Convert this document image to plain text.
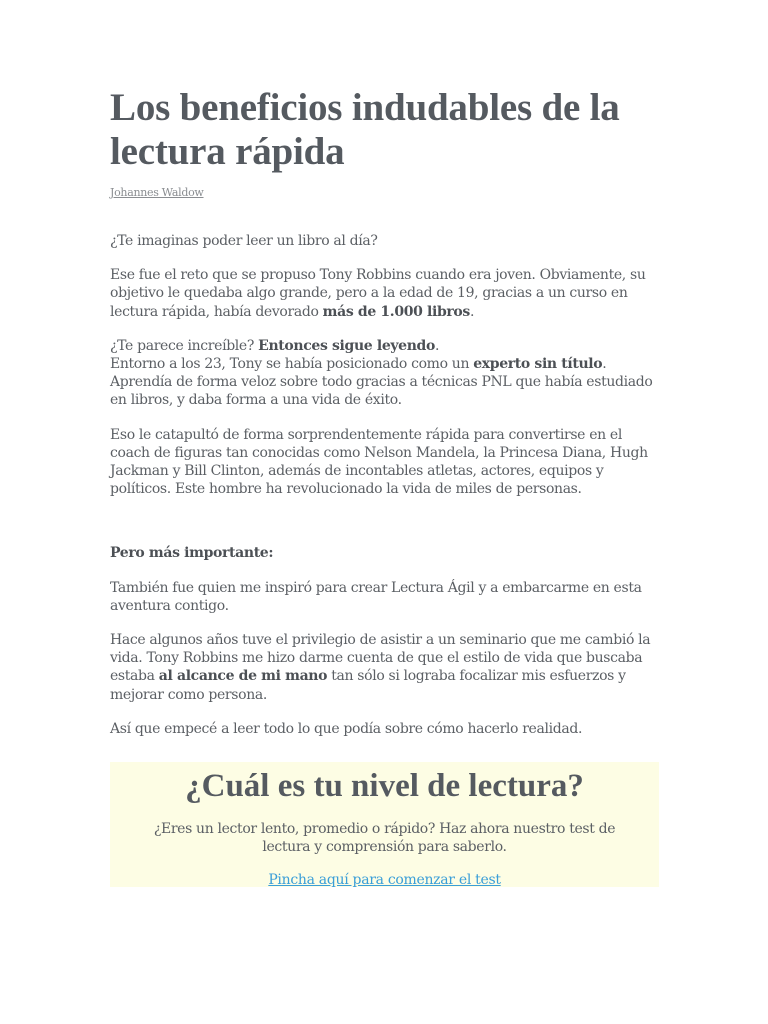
Los beneficios indudables de la lectura rápida
Johannes Waldow

¿Te imaginas poder leer un libro al día?

Ese fue el reto que se propuso Tony Robbins cuando era joven. Obviamente, su objetivo le quedaba algo grande, pero a la edad de 19, gracias a un curso en lectura rápida, había devorado más de 1.000 libros.

¿Te parece increíble? Entonces sigue leyendo.
Entorno a los 23, Tony se había posicionado como un experto sin título. Aprendía de forma veloz sobre todo gracias a técnicas PNL que había estudiado en libros, y daba forma a una vida de éxito.

Eso le catapultó de forma sorprendentemente rápida para convertirse en el coach de figuras tan conocidas como Nelson Mandela, la Princesa Diana, Hugh Jackman y Bill Clinton, además de incontables atletas, actores, equipos y políticos. Este hombre ha revolucionado la vida de miles de personas.

Pero más importante:

También fue quien me inspiró para crear Lectura Ágil y a embarcarme en esta aventura contigo.

Hace algunos años tuve el privilegio de asistir a un seminario que me cambió la vida. Tony Robbins me hizo darme cuenta de que el estilo de vida que buscaba estaba al alcance de mi mano tan sólo si lograba focalizar mis esfuerzos y mejorar como persona.

Así que empecé a leer todo lo que podía sobre cómo hacerlo realidad.

¿Cuál es tu nivel de lectura?
¿Eres un lector lento, promedio o rápido? Haz ahora nuestro test de lectura y comprensión para saberlo.
Pincha aquí para comenzar el test
